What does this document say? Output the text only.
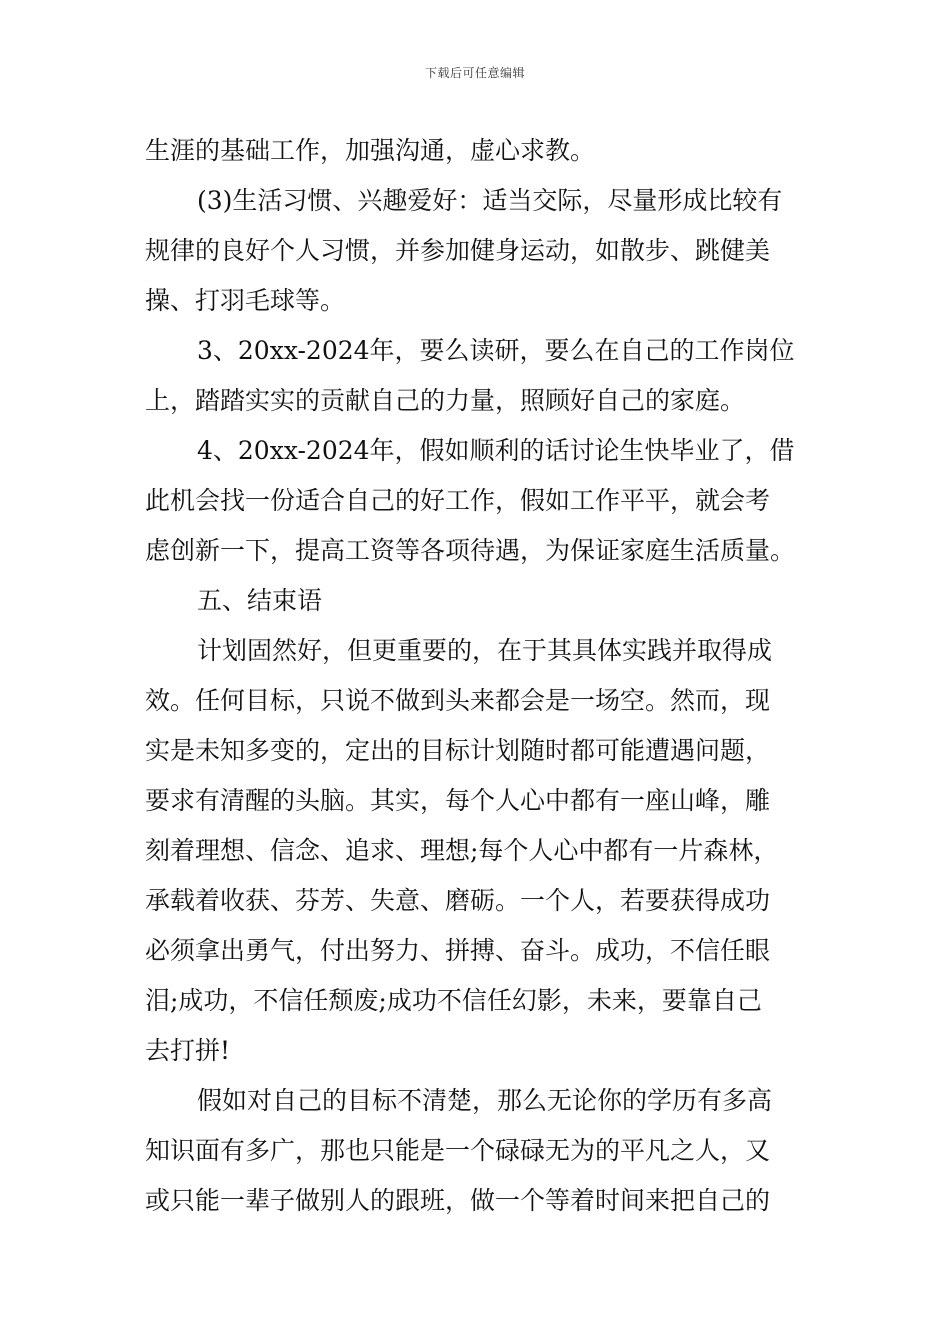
下载后可任意编辑

生涯的基础工作，加强沟通，虚心求教。

(3)生活习惯、兴趣爱好：适当交际，尽量形成比较有

规律的良好个人习惯，并参加健身运动，如散步、跳健美

操、打羽毛球等。

3、20xx-2024年，要么读研，要么在自己的工作岗位

上，踏踏实实的贡献自己的力量，照顾好自己的家庭。

4、20xx-2024年，假如顺利的话讨论生快毕业了，借

此机会找一份适合自己的好工作，假如工作平平，就会考

虑创新一下，提高工资等各项待遇，为保证家庭生活质量。

五、结束语

计划固然好，但更重要的，在于其具体实践并取得成

效。任何目标，只说不做到头来都会是一场空。然而，现

实是未知多变的，定出的目标计划随时都可能遭遇问题，

要求有清醒的头脑。其实，每个人心中都有一座山峰，雕

刻着理想、信念、追求、理想;每个人心中都有一片森林，

承载着收获、芬芳、失意、磨砺。一个人，若要获得成功

必须拿出勇气，付出努力、拼搏、奋斗。成功，不信任眼

泪;成功，不信任颓废;成功不信任幻影，未来，要靠自己

去打拼!

假如对自己的目标不清楚，那么无论你的学历有多高

知识面有多广，那也只能是一个碌碌无为的平凡之人，又

或只能一辈子做别人的跟班，做一个等着时间来把自己的
